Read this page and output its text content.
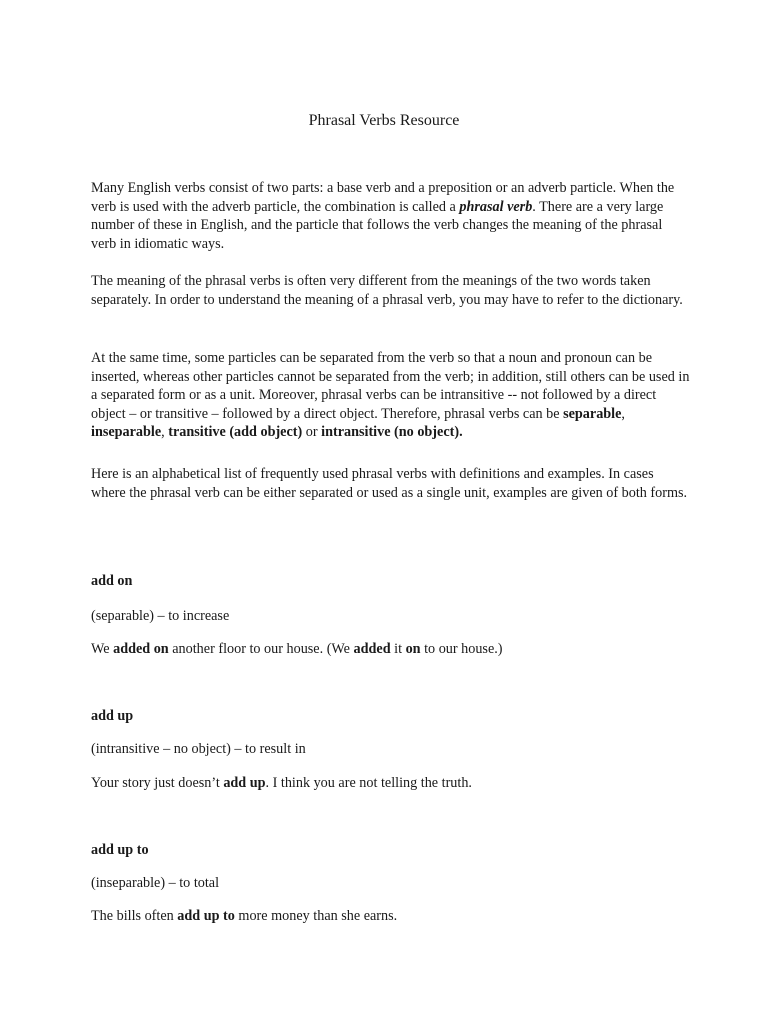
Phrasal Verbs Resource

Many English verbs consist of two parts: a base verb and a preposition or an adverb particle. When the verb is used with the adverb particle, the combination is called a phrasal verb. There are a very large number of these in English, and the particle that follows the verb changes the meaning of the phrasal verb in idiomatic ways.

The meaning of the phrasal verbs is often very different from the meanings of the two words taken separately. In order to understand the meaning of a phrasal verb, you may have to refer to the dictionary.

At the same time, some particles can be separated from the verb so that a noun and pronoun can be inserted, whereas other particles cannot be separated from the verb; in addition, still others can be used in a separated form or as a unit. Moreover, phrasal verbs can be intransitive -- not followed by a direct object – or transitive – followed by a direct object. Therefore, phrasal verbs can be separable, inseparable, transitive (add object) or intransitive (no object).

Here is an alphabetical list of frequently used phrasal verbs with definitions and examples. In cases where the phrasal verb can be either separated or used as a single unit, examples are given of both forms.

add on

(separable) – to increase

We added on another floor to our house. (We added it on to our house.)

add up

(intransitive – no object) – to result in

Your story just doesn’t add up. I think you are not telling the truth.

add up to

(inseparable) – to total

The bills often add up to more money than she earns.
